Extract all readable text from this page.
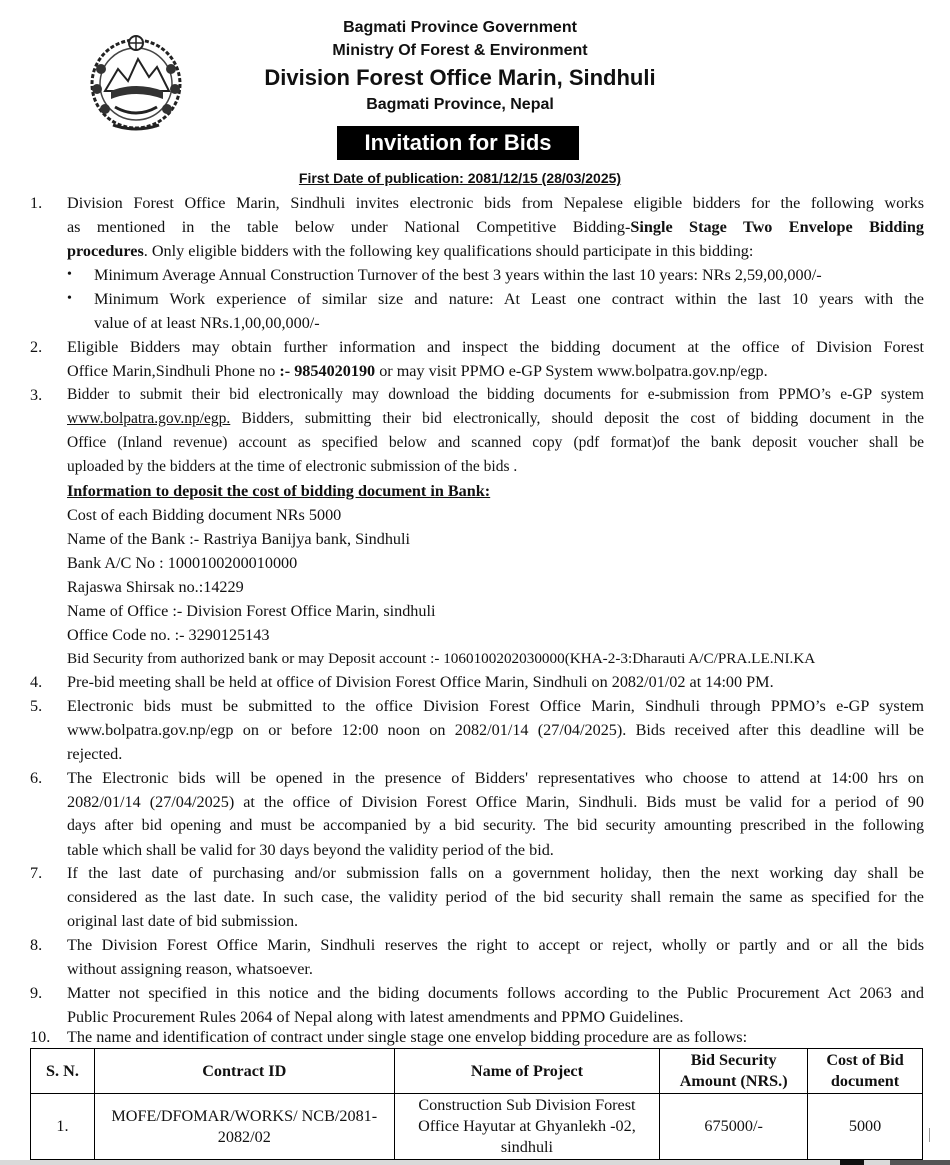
Bagmati Province Government
Ministry Of Forest & Environment
Division Forest Office Marin, Sindhuli
Bagmati Province, Nepal
Invitation for Bids
First Date of publication: 2081/12/15 (28/03/2025)
1. Division Forest Office Marin, Sindhuli invites electronic bids from Nepalese eligible bidders for the following works
as mentioned in the table below under National Competitive Bidding-Single Stage Two Envelope Bidding
procedures. Only eligible bidders with the following key qualifications should participate in this bidding:
• Minimum Average Annual Construction Turnover of the best 3 years within the last 10 years: NRs 2,59,00,000/-
• Minimum Work experience of similar size and nature: At Least one contract within the last 10 years with the
value of at least NRs.1,00,00,000/-
2. Eligible Bidders may obtain further information and inspect the bidding document at the office of Division Forest
Office Marin,Sindhuli Phone no :- 9854020190 or may visit PPMO e-GP System www.bolpatra.gov.np/egp.
3. Bidder to submit their bid electronically may download the bidding documents for e-submission from PPMO’s e-GP system
www.bolpatra.gov.np/egp. Bidders, submitting their bid electronically, should deposit the cost of bidding document in the
Office (Inland revenue) account as specified below and scanned copy (pdf format)of the bank deposit voucher shall be
uploaded by the bidders at the time of electronic submission of the bids .
Information to deposit the cost of bidding document in Bank:
Cost of each Bidding document NRs 5000
Name of the Bank :- Rastriya Banijya bank, Sindhuli
Bank A/C No : 1000100200010000
Rajaswa Shirsak no.:14229
Name of Office :- Division Forest Office Marin, sindhuli
Office Code no. :- 3290125143
Bid Security from authorized bank or may Deposit account :- 1060100202030000(KHA-2-3:Dharauti A/C/PRA.LE.NI.KA
4. Pre-bid meeting shall be held at office of Division Forest Office Marin, Sindhuli on 2082/01/02 at 14:00 PM.
5. Electronic bids must be submitted to the office Division Forest Office Marin, Sindhuli through PPMO’s e-GP system
www.bolpatra.gov.np/egp on or before 12:00 noon on 2082/01/14 (27/04/2025). Bids received after this deadline will be
rejected.
6. The Electronic bids will be opened in the presence of Bidders' representatives who choose to attend at 14:00 hrs on
2082/01/14 (27/04/2025) at the office of Division Forest Office Marin, Sindhuli. Bids must be valid for a period of 90
days after bid opening and must be accompanied by a bid security. The bid security amounting prescribed in the following
table which shall be valid for 30 days beyond the validity period of the bid.
7. If the last date of purchasing and/or submission falls on a government holiday, then the next working day shall be
considered as the last date. In such case, the validity period of the bid security shall remain the same as specified for the
original last date of bid submission.
8. The Division Forest Office Marin, Sindhuli reserves the right to accept or reject, wholly or partly and or all the bids
without assigning reason, whatsoever.
9. Matter not specified in this notice and the biding documents follows according to the Public Procurement Act 2063 and
Public Procurement Rules 2064 of Nepal along with latest amendments and PPMO Guidelines.
10. The name and identification of contract under single stage one envelop bidding procedure are as follows:
S. N.	Contract ID	Name of Project	Bid Security Amount (NRS.)	Cost of Bid document
1.	MOFE/DFOMAR/WORKS/ NCB/2081-2082/02	Construction Sub Division Forest Office Hayutar at Ghyanlekh -02, sindhuli	675000/-	5000
